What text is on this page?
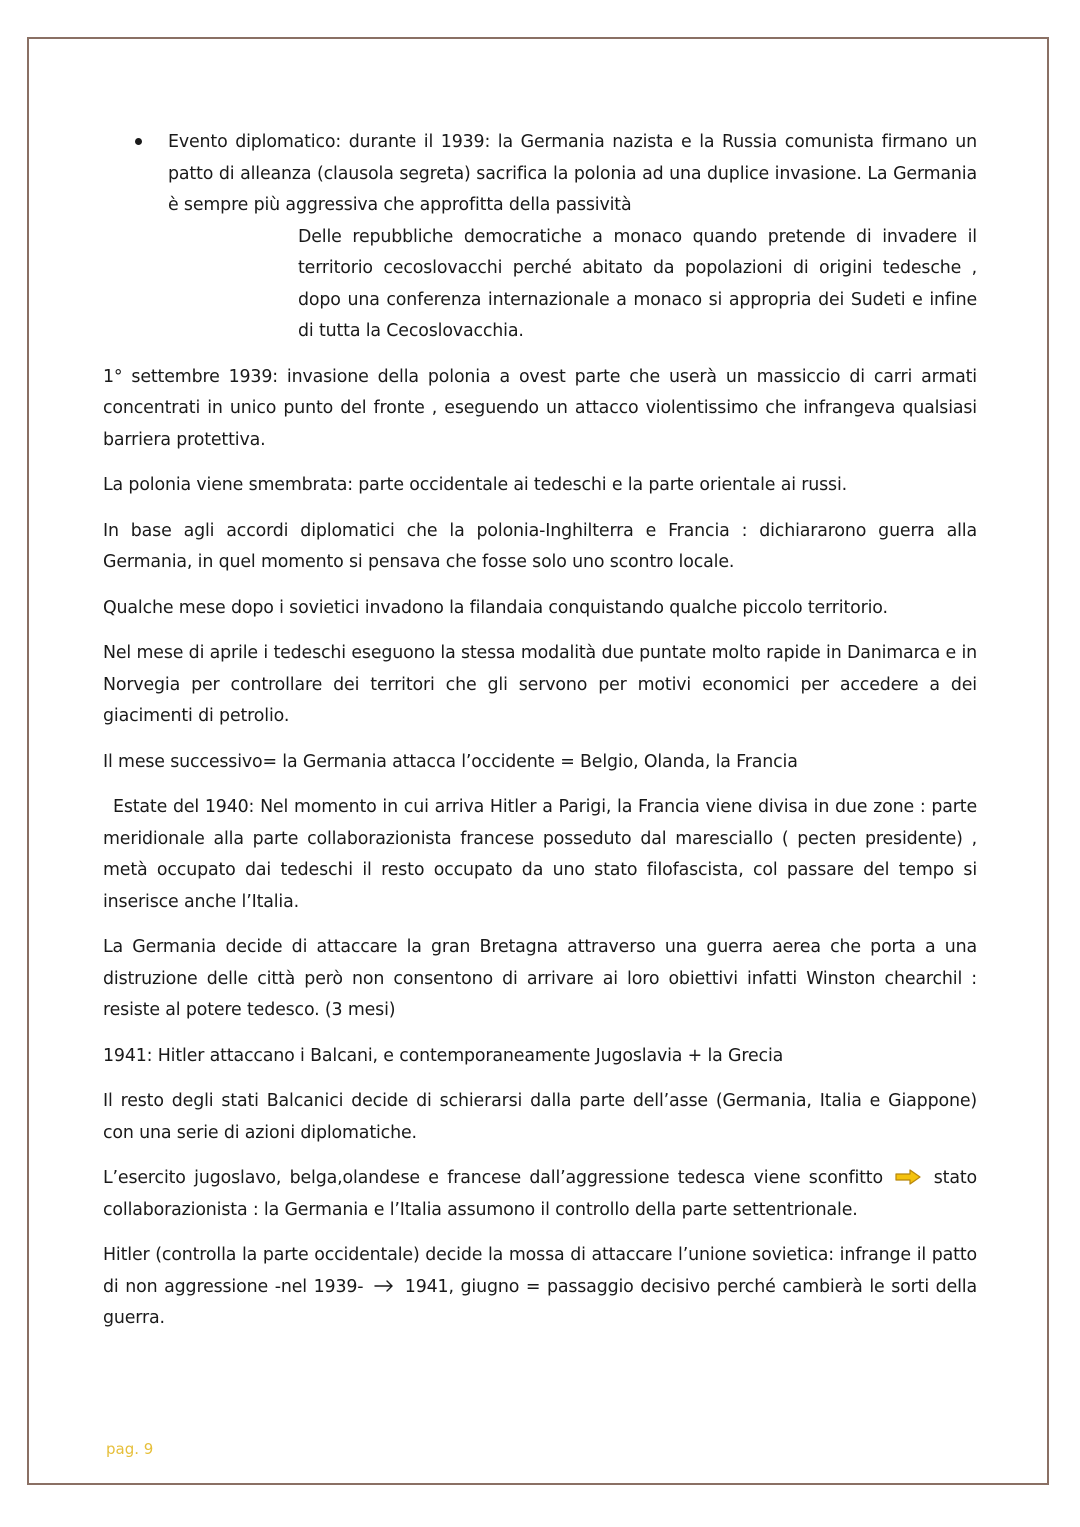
Evento diplomatico: durante il 1939: la Germania nazista e la Russia comunista firmano un patto di alleanza (clausola segreta) sacrifica la polonia ad una duplice invasione. La Germania è sempre più aggressiva che approfitta della passività

Delle repubbliche democratiche a monaco quando pretende di invadere il territorio cecoslovacchi perché abitato da popolazioni di origini tedesche , dopo una conferenza internazionale a monaco si appropria dei Sudeti e infine di tutta la Cecoslovacchia.

1° settembre 1939: invasione della polonia a ovest parte che userà un massiccio di carri armati concentrati in unico punto del fronte , eseguendo un attacco violentissimo che infrangeva qualsiasi barriera protettiva.

La polonia viene smembrata: parte occidentale ai tedeschi e la parte orientale ai russi.

In base agli accordi diplomatici che la polonia-Inghilterra e Francia : dichiararono guerra alla Germania, in quel momento si pensava che fosse solo uno scontro locale.

Qualche mese dopo i sovietici invadono la filandaia conquistando qualche piccolo territorio.

Nel mese di aprile i tedeschi eseguono la stessa modalità due puntate molto rapide in Danimarca e in Norvegia per controllare dei territori che gli servono per motivi economici per accedere a dei giacimenti di petrolio.

Il mese successivo= la Germania attacca l’occidente = Belgio, Olanda, la Francia

Estate del 1940: Nel momento in cui arriva Hitler a Parigi, la Francia viene divisa in due zone : parte meridionale alla parte collaborazionista francese posseduto dal maresciallo ( pecten presidente) , metà occupato dai tedeschi il resto occupato da uno stato filofascista, col passare del tempo si inserisce anche l’Italia.

La Germania decide di attaccare la gran Bretagna attraverso una guerra aerea che porta a una distruzione delle città però non consentono di arrivare ai loro obiettivi infatti Winston chearchil : resiste al potere tedesco. (3 mesi)

1941: Hitler attaccano i Balcani, e contemporaneamente Jugoslavia + la Grecia

Il resto degli stati Balcanici decide di schierarsi dalla parte dell’asse (Germania, Italia e Giappone) con una serie di azioni diplomatiche.

L’esercito jugoslavo, belga,olandese e francese dall’aggressione tedesca viene sconfitto	stato collaborazionista : la Germania e l’Italia assumono il controllo della parte settentrionale.

Hitler (controlla la parte occidentale) decide la mossa di attaccare l’unione sovietica: infrange il patto di non aggressione -nel 1939- 1941, giugno = passaggio decisivo perché cambierà le sorti della guerra.

pag. 9
